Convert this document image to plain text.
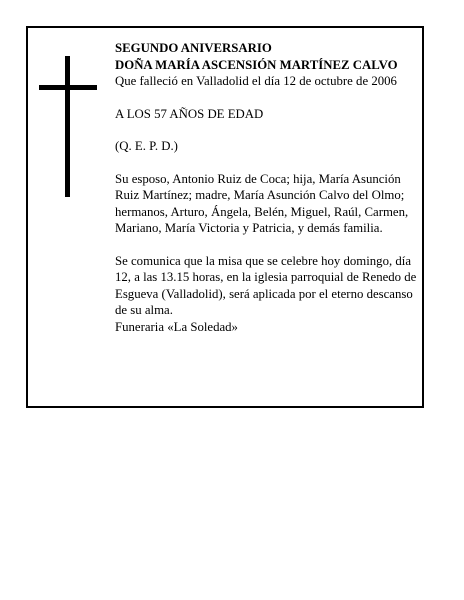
SEGUNDO ANIVERSARIO

DOÑA MARÍA ASCENSIÓN MARTÍNEZ CALVO

Que falleció en Valladolid el día 12 de octubre de 2006

A LOS 57 AÑOS DE EDAD

(Q. E. P. D.)

Su esposo, Antonio Ruiz de Coca; hija, María Asunción Ruiz Martínez; madre, María Asunción Calvo del Olmo; hermanos, Arturo, Ángela, Belén, Miguel, Raúl, Carmen, Mariano, María Victoria y Patricia, y demás familia.

Se comunica que la misa que se celebre hoy domingo, día 12, a las 13.15 horas, en la iglesia parroquial de Renedo de Esgueva (Valladolid), será aplicada por el eterno descanso de su alma.

Funeraria «La Soledad»
